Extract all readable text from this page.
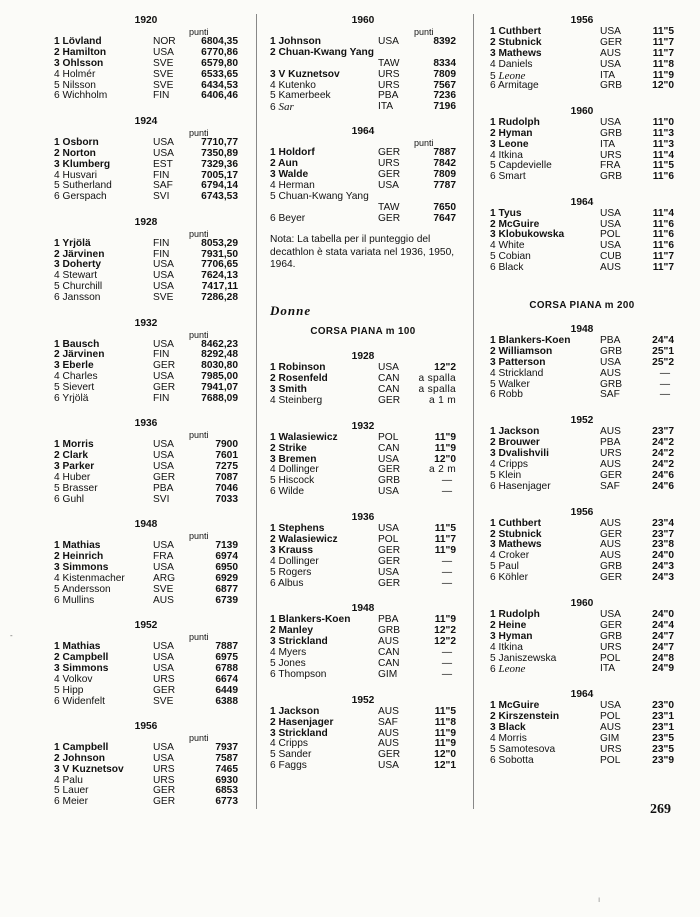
1920
punti
1 Lövland	NOR	6804,35
2 Hamilton	USA	6770,86
3 Ohlsson	SVE	6579,80
4 Holmér	SVE	6533,65
5 Nilsson	SVE	6434,53
6 Wichholm	FIN	6406,46
1924
punti
1 Osborn	USA	7710,77
2 Norton	USA	7350,89
3 Klumberg	EST	7329,36
4 Husvari	FIN	7005,17
5 Sutherland	SAF	6794,14
6 Gerspach	SVI	6743,53
1928
punti
1 Yrjölä	FIN	8053,29
2 Järvinen	FIN	7931,50
3 Doherty	USA	7706,65
4 Stewart	USA	7624,13
5 Churchill	USA	7417,11
6 Jansson	SVE	7286,28
1932
punti
1 Bausch	USA	8462,23
2 Järvinen	FIN	8292,48
3 Eberle	GER	8030,80
4 Charles	USA	7985,00
5 Sievert	GER	7941,07
6 Yrjölä	FIN	7688,09
1936
punti
1 Morris	USA	7900
2 Clark	USA	7601
3 Parker	USA	7275
4 Huber	GER	7087
5 Brasser	PBA	7046
6 Guhl	SVI	7033
1948
punti
1 Mathias	USA	7139
2 Heinrich	FRA	6974
3 Simmons	USA	6950
4 Kistenmacher	ARG	6929
5 Andersson	SVE	6877
6 Mullins	AUS	6739
1952
punti
1 Mathias	USA	7887
2 Campbell	USA	6975
3 Simmons	USA	6788
4 Volkov	URS	6674
5 Hipp	GER	6449
6 Widenfelt	SVE	6388
1956
punti
1 Campbell	USA	7937
2 Johnson	USA	7587
3 V Kuznetsov	URS	7465
4 Palu	URS	6930
5 Lauer	GER	6853
6 Meier	GER	6773
1960
punti
1 Johnson	USA	8392
2 Chuan-Kwang Yang
TAW	8334
3 V Kuznetsov	URS	7809
4 Kutenko	URS	7567
5 Kamerbeek	PBA	7236
6 Sar	ITA	7196
1964
punti
1 Holdorf	GER	7887
2 Aun	URS	7842
3 Walde	GER	7809
4 Herman	USA	7787
5 Chuan-Kwang Yang
TAW	7650
6 Beyer	GER	7647
Nota: La tabella per il punteggio del decathlon è stata variata nel 1936, 1950, 1964.
Donne
CORSA PIANA m 100
1928
1 Robinson	USA	12"2
2 Rosenfeld	CAN a spalla
3 Smith	CAN a spalla
4 Steinberg	GER	a 1 m
1932
1 Walasiewicz	POL	11"9
2 Strike	CAN	11"9
3 Bremen	USA	12"0
4 Dollinger	GER	a 2 m
5 Hiscock	GRB	—
6 Wilde	USA	—
1936
1 Stephens	USA	11"5
2 Walasiewicz	POL	11"7
3 Krauss	GER	11"9
4 Dollinger	GER	—
5 Rogers	USA	—
6 Albus	GER	—
1948
1 Blankers-Koen	PBA	11"9
2 Manley	GRB	12"2
3 Strickland	AUS	12"2
4 Myers	CAN	—
5 Jones	CAN	—
6 Thompson	GIM	—
1952
1 Jackson	AUS	11"5
2 Hasenjager	SAF	11"8
3 Strickland	AUS	11"9
4 Cripps	AUS	11"9
5 Sander	GER	12"0
6 Faggs	USA	12"1
1956
1 Cuthbert	USA	11"5
2 Stubnick	GER	11"7
3 Mathews	AUS	11"7
4 Daniels	USA	11"8
5 Leone	ITA	11"9
6 Armitage	GRB	12"0
1960
1 Rudolph	USA	11"0
2 Hyman	GRB	11"3
3 Leone	ITA	11"3
4 Itkina	URS	11"4
5 Capdevielle	FRA	11"5
6 Smart	GRB	11"6
1964
1 Tyus	USA	11"4
2 McGuire	USA	11"6
3 Klobukowska	POL	11"6
4 White	USA	11"6
5 Cobian	CUB	11"7
6 Black	AUS	11"7
CORSA PIANA m 200
1948
1 Blankers-Koen	PBA	24"4
2 Williamson	GRB	25"1
3 Patterson	USA	25"2
4 Strickland	AUS	—
5 Walker	GRB	—
6 Robb	SAF	—
1952
1 Jackson	AUS	23"7
2 Brouwer	PBA	24"2
3 Dvalishvili	URS	24"2
4 Cripps	AUS	24"2
5 Klein	GER	24"6
6 Hasenjager	SAF	24"6
1956
1 Cuthbert	AUS	23"4
2 Stubnick	GER	23"7
3 Mathews	AUS	23"8
4 Croker	AUS	24"0
5 Paul	GRB	24"3
6 Köhler	GER	24"3
1960
1 Rudolph	USA	24"0
2 Heine	GER	24"4
3 Hyman	GRB	24"7
4 Itkina	URS	24"7
5 Janiszewska	POL	24"8
6 Leone	ITA	24"9
1964
1 McGuire	USA	23"0
2 Kirszenstein	POL	23"1
3 Black	AUS	23"1
4 Morris	GIM	23"5
5 Samotesova	URS	23"5
6 Sobotta	POL	23"9
-
269
ı
